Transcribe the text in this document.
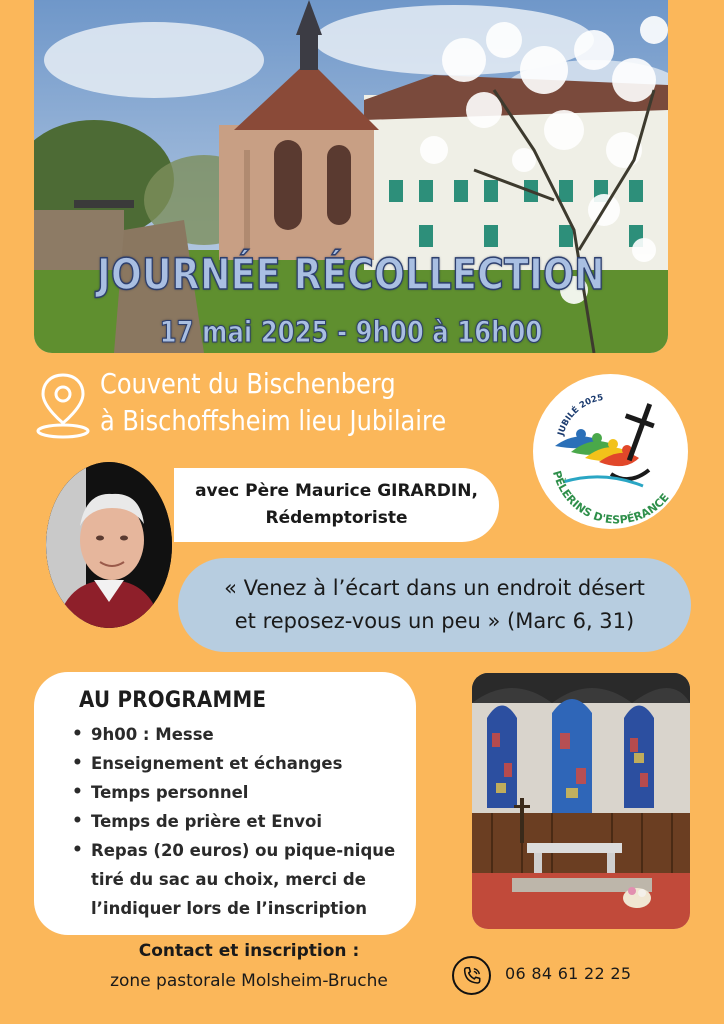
JOURNÉE RÉCOLLECTION
17 mai 2025 - 9h00 à 16h00
Couvent du Bischenberg
à Bischoffsheim lieu Jubilaire	JUBILÉ 2025
PÈLERINS D'ESPÉRANCE
avec Père Maurice GIRARDIN,
Rédemptoriste
« Venez à l’écart dans un endroit désert
et reposez-vous un peu » (Marc 6, 31)
AU PROGRAMME
• 9h00 : Messe
• Enseignement et échanges
• Temps personnel
• Temps de prière et Envoi
• Repas (20 euros) ou pique-nique
tiré du sac au choix, merci de
l’indiquer lors de l’inscription
Contact et inscription :
zone pastorale Molsheim-Bruche	06 84 61 22 25
